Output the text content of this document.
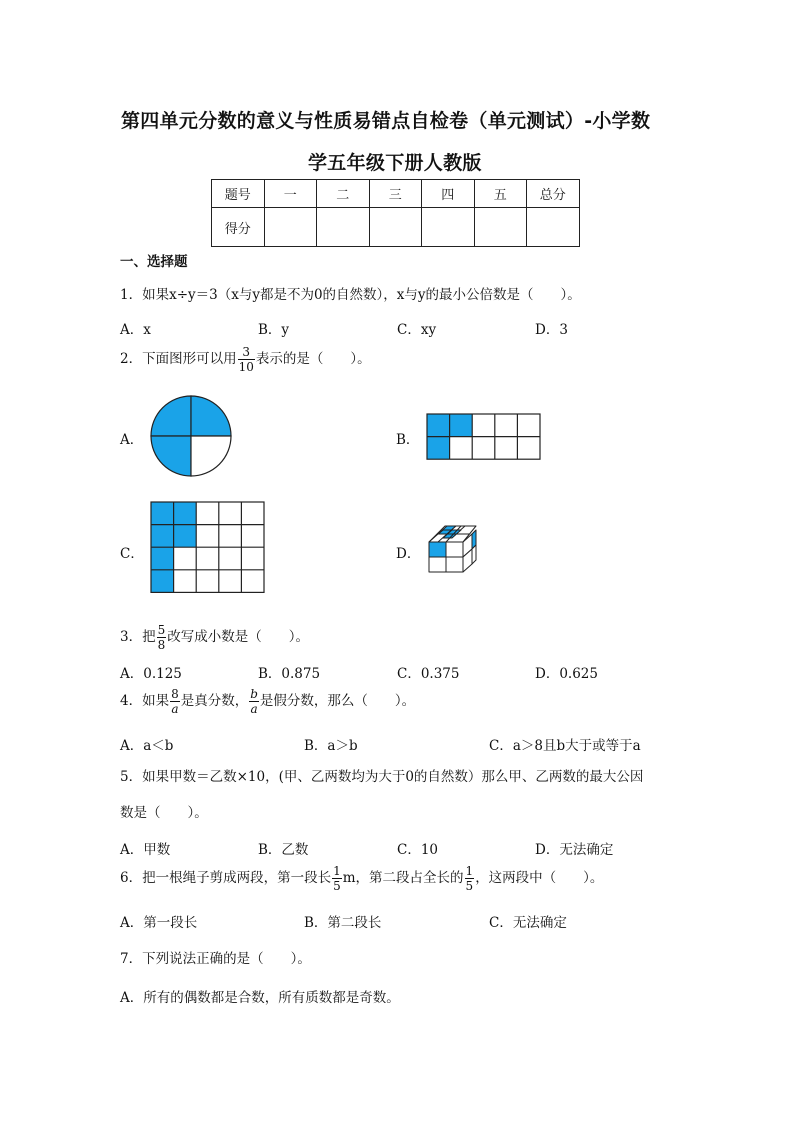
第四单元分数的意义与性质易错点自检卷（单元测试）-小学数
学五年级下册人教版
题号	一	二	三	四	五	总分
得分						
一、选择题
1．如果x÷y＝3（x与y都是不为0的自然数），x与y的最小公倍数是（　　）。
A．x	B．y	C．xy	D．3
2．下面图形可以用 $\frac{3}{10}$ 表示的是（　　）。
A．	B．
C．	D．
3．把 $\frac{5}{8}$ 改写成小数是（　　）。
A．0.125	B．0.875	C．0.375	D．0.625
4．如果 $\frac{8}{a}$ 是真分数， $\frac{b}{a}$ 是假分数，那么（　　）。
A．a＜b	B．a＞b	C．a＞8且b大于或等于a
5．如果甲数＝乙数×10，(甲、乙两数均为大于0的自然数）那么甲、乙两数的最大公因
数是（　　）。
A．甲数	B．乙数	C．10	D．无法确定
6．把一根绳子剪成两段，第一段长 $\frac{1}{5}$ m，第二段占全长的 $\frac{1}{5}$ ，这两段中（　　）。
A．第一段长	B．第二段长	C．无法确定
7．下列说法正确的是（　　）。
A．所有的偶数都是合数，所有质数都是奇数。
